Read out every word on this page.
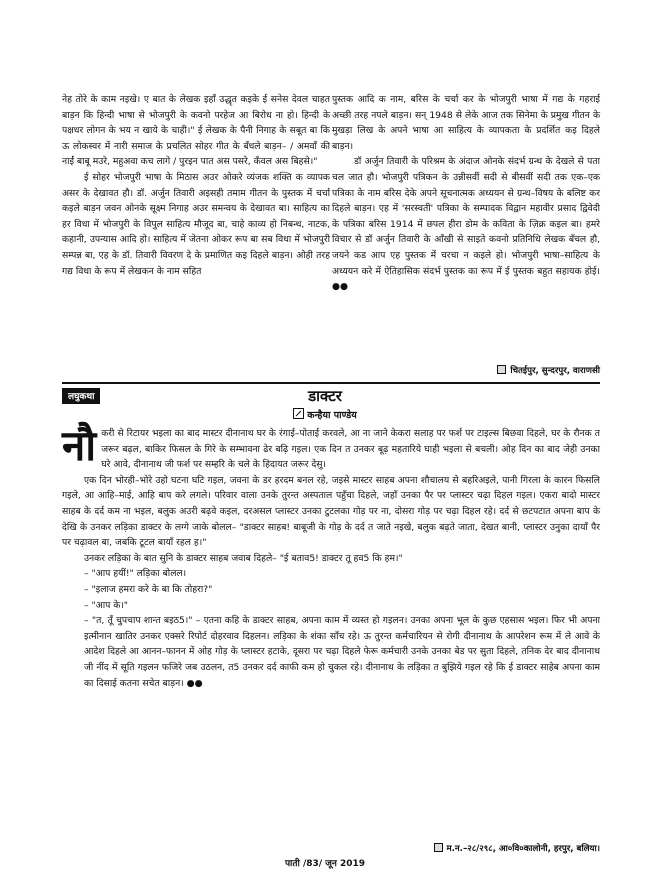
नेह तोरे के काम नइखे। ए बात के लेखक इहाँ उद्धृत कइके ई सनेस देवल चाहत बाड़न कि हिन्दी भाषा से भोजपुरी के कवनो परहेज आ बिरोध ना हो। हिन्दी के पक्षधर लोगन के भय न खाये के चाही।" ई लेखक के पैनी निगाह के सबूत बा कि ऊ लोकस्वर में नारी समाज के प्रचलित सोहर गीत के बँधले बाड़न– / अमवाँ की नाईं बाबू मउरे, महुअवा कच लागे / पुरइन पात अस पसरे, कँवल अस बिहसे।"

ई सोहर भोजपुरी भाषा के मिठास अउर ओकरे व्यंजक शक्ति क व्यापक असर के देखावत हौ। डॉ. अर्जुन तिवारी अइसही तमाम गीतन के पुस्तक में चर्चा कइले बाड़न जवन ओनके सूक्ष्म निगाह अउर समन्वय के देखावत बा। साहित्य का हर विधा में भोजपुरी के विपुल साहित्य मौजूद बा, चाहे काव्य हो निबन्ध, नाटक, कहानी, उपन्यास आदि हो। साहित्य में जेतना ओकर रूप बा सब विधा में भोजपुरी सम्पन्न बा, एह के डॉ. तिवारी विवरण दे के प्रमाणित कइ दिहले बाड़न। ओही तरह गद्य विधा के रूप में लेखकन के नाम सहित

पुस्तक आदि क नाम, बरिस के चर्चा कर के भोजपुरी भाषा में गद्य के गहराई अच्छी तरह नपले बाड़न। सन् 1948 से लेके आज तक सिनेमा के प्रमुख गीतन के मुखड़ा लिख के अपने भाषा आ साहित्य के व्यापकता के प्रदर्शित कइ दिहले बाड़न।

डॉ अर्जुन तिवारी के परिश्रम के अंदाज ओनके संदर्भ ग्रन्थ के देखले से पता चल जात हौ। भोजपुरी पत्रिकन के उन्नीसवीं सदी से बीसवीं सदी तक एक–एक पत्रिका के नाम बरिस देके अपने सूचनात्मक अध्ययन से ग्रन्थ–विषय के बलिष्ट कर दिहले बाड़न। एह में 'सरस्वती' पत्रिका के सम्पादक विद्वान महावीर प्रसाद द्विवेदी के पत्रिका बरिस 1914 में छपल हीरा डोम के कविता के ज़िक्र कइल बा। हमरे विचार से डॉ अर्जुन तिवारी के ऑंखी से साइते कवनो प्रतिनिधि लेखक बँचल हौ, जयने कड आप एह पुस्तक में चरचा न कइले हो। भोजपुरी भाषा–साहित्य के अध्ययन करे में ऐतिहासिक संदर्भ पुस्तक का रूप में ई पुस्तक बहुत सहायक होई। ●●

चितईपुर, सुन्दरपुर, वाराणसी
लघुकथा	डाक्टर
कन्हैया पाण्डेय

नौकरी से रिटायर भइला का बाद मास्टर दीनानाथ घर के रंगाई–पोताई करवले, आ ना जाने केकरा सलाह पर फर्श पर टाइल्स बिछवा दिहले, घर के रौनक त जरूर बढ़ल, बाकिर फिसल के गिरे के सम्भावना ढेर बढ़ि गइल। एक दिन त उनकर बूढ़ महतारिये घाही भइला से बचली। ओह दिन का बाद जेही उनका घरे आवे, दीनानाथ जी फर्श पर सम्हरि के चले के हिदायत जरूर देसु।

एक दिन भोरही–भोरे उहो घटना घटि गइल, जवना के डर हरदम बनल रहे, जइसे मास्टर साहब अपना शौचालय से बहरिअइले, पानी गिरला के कारन फिसलि गइले, आ आहि–माई, आहि बाप करे लगले। परिवार वाला उनके तुरन्त अस्पताल पहुँचा दिहले, जहाँ उनका पैर पर प्लास्टर चढ़ा दिहल गइल। एकरा बादो मास्टर साहब के दर्द कम ना भइल, बलुक अउरी बढ़वे कइल, दरअसल प्लास्टर उनका टुटलका गोड़ पर ना, दोसरा गोड़ पर चढ़ा दिहल रहे। दर्द से छटपटात अपना बाप के देखि के उनकर लड़िका डाक्टर के लग्गे जाके बोलल– "डाक्टर साहब! बाबूजी के गोड़ के दर्द त जाते नइखे, बलुक बढ़ते जाता, देखत बानी, प्लास्टर उनुका दायाँ पैर पर चढ़ावल बा, जबकि टूटल बायाँ रहल ह।"

उनकर लड़िका के बात सुनि के डाक्टर साहब जवाब दिहले– "ई बताव5! डाक्टर तू हव5 कि हम।"

– "आप हयीं!" लड़िका बोलल।

– "इलाज हमरा करे के बा कि तोहरा?"

– "आप के।"

– "त, तूँ चुपचाप शान्त बइठ5।" – एतना कहि के डाक्टर साहब, अपना काम में व्यस्त हो गइलन। उनका अपना भूल के कुछ एहसास भइल। फिर भी अपना इत्मीनान खातिर उनकर एक्सरे रिपोर्ट दोहरवाव दिहलन। लड़िका के शंका साँच रहे। ऊ तुरन्त कर्मचारियन से रोगी दीनानाथ के आपरेशन रूम में ले आवे के आदेश दिहले आ आनन–फानन में ओह गोड़ के प्लास्टर हटाके, दूसरा पर चढ़ा दिहले फेरू कर्मचारी उनके उनका बेड पर सुता दिहले, तनिक देर बाद दीनानाथ जी नींद में सूति गइलन फजिरे जब उठलन, त5 उनकर दर्द काफी कम हो चुकल रहे। दीनानाथ के लड़िका त बुझिये गइल रहे कि ई डाक्टर साहेब अपना काम का दिसाई कतना सचेत बाड़न। ●●

म.न.–२८/२९८, आ०वि०कालोनी, हरपुर, बलिया।
पाती /83/ जून 2019
